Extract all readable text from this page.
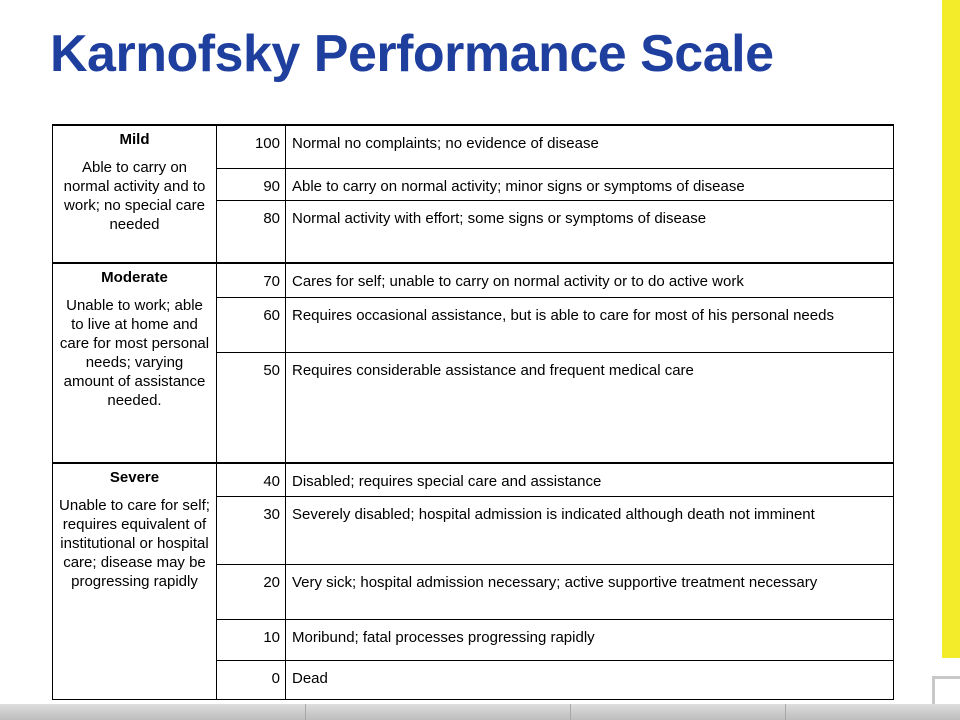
Karnofsky Performance Scale
Mild
Able to carry on normal activity and to work; no special care needed	100	Normal no complaints; no evidence of disease
	90	Able to carry on normal activity; minor signs or symptoms of disease
	80	Normal activity with effort; some signs or symptoms of disease

Moderate
Unable to work; able to live at home and care for most personal needs; varying amount of assistance needed.	70	Cares for self; unable to carry on normal activity or to do active work
	60	Requires occasional assistance, but is able to care for most of his personal needs
	50	Requires considerable assistance and frequent medical care

Severe
Unable to care for self; requires equivalent of institutional or hospital care; disease may be progressing rapidly	40	Disabled; requires special care and assistance
	30	Severely disabled; hospital admission is indicated although death not imminent
	20	Very sick; hospital admission necessary; active supportive treatment necessary
	10	Moribund; fatal processes progressing rapidly
	0	Dead
